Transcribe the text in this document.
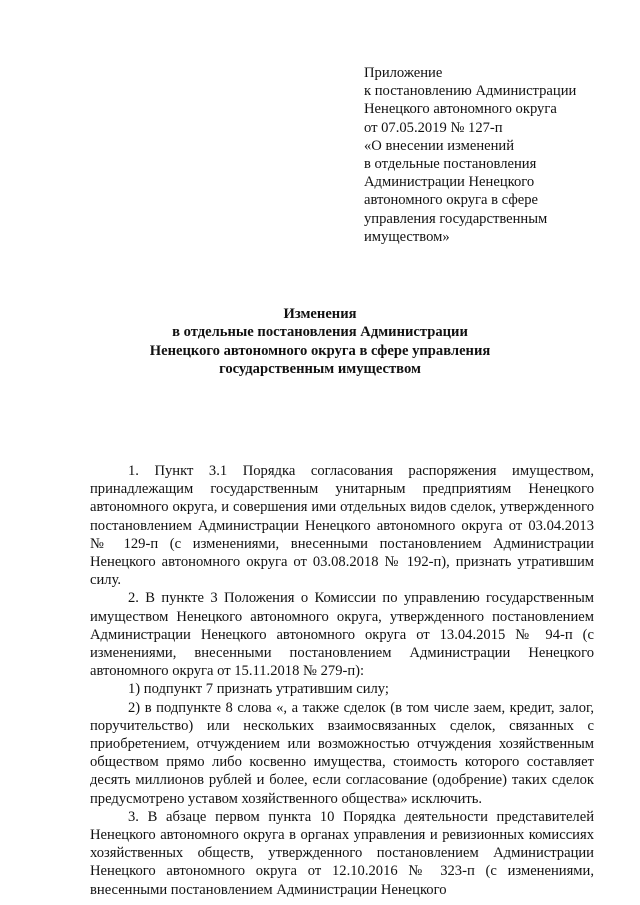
Приложение
к постановлению Администрации
Ненецкого автономного округа
от 07.05.2019 № 127-п
«О внесении изменений
в отдельные постановления
Администрации Ненецкого
автономного округа в сфере
управления государственным
имуществом»
Изменения
в отдельные постановления Администрации
Ненецкого автономного округа в сфере управления
государственным имуществом

1. Пункт 3.1 Порядка согласования распоряжения имуществом, принадлежащим государственным унитарным предприятиям Ненецкого автономного округа, и совершения ими отдельных видов сделок, утвержденного постановлением Администрации Ненецкого автономного округа от 03.04.2013 № 129-п (с изменениями, внесенными постановлением Администрации Ненецкого автономного округа от 03.08.2018 № 192-п), признать утратившим силу.

2. В пункте 3 Положения о Комиссии по управлению государственным имуществом Ненецкого автономного округа, утвержденного постановлением Администрации Ненецкого автономного округа от 13.04.2015 № 94-п (с изменениями, внесенными постановлением Администрации Ненецкого автономного округа от 15.11.2018 № 279-п):

1) подпункт 7 признать утратившим силу;

2) в подпункте 8 слова «, а также сделок (в том числе заем, кредит, залог, поручительство) или нескольких взаимосвязанных сделок, связанных с приобретением, отчуждением или возможностью отчуждения хозяйственным обществом прямо либо косвенно имущества, стоимость которого составляет десять миллионов рублей и более, если согласование (одобрение) таких сделок предусмотрено уставом хозяйственного общества» исключить.

3. В абзаце первом пункта 10 Порядка деятельности представителей Ненецкого автономного округа в органах управления и ревизионных комиссиях хозяйственных обществ, утвержденного постановлением Администрации Ненецкого автономного округа от 12.10.2016 № 323-п (с изменениями, внесенными постановлением Администрации Ненецкого
